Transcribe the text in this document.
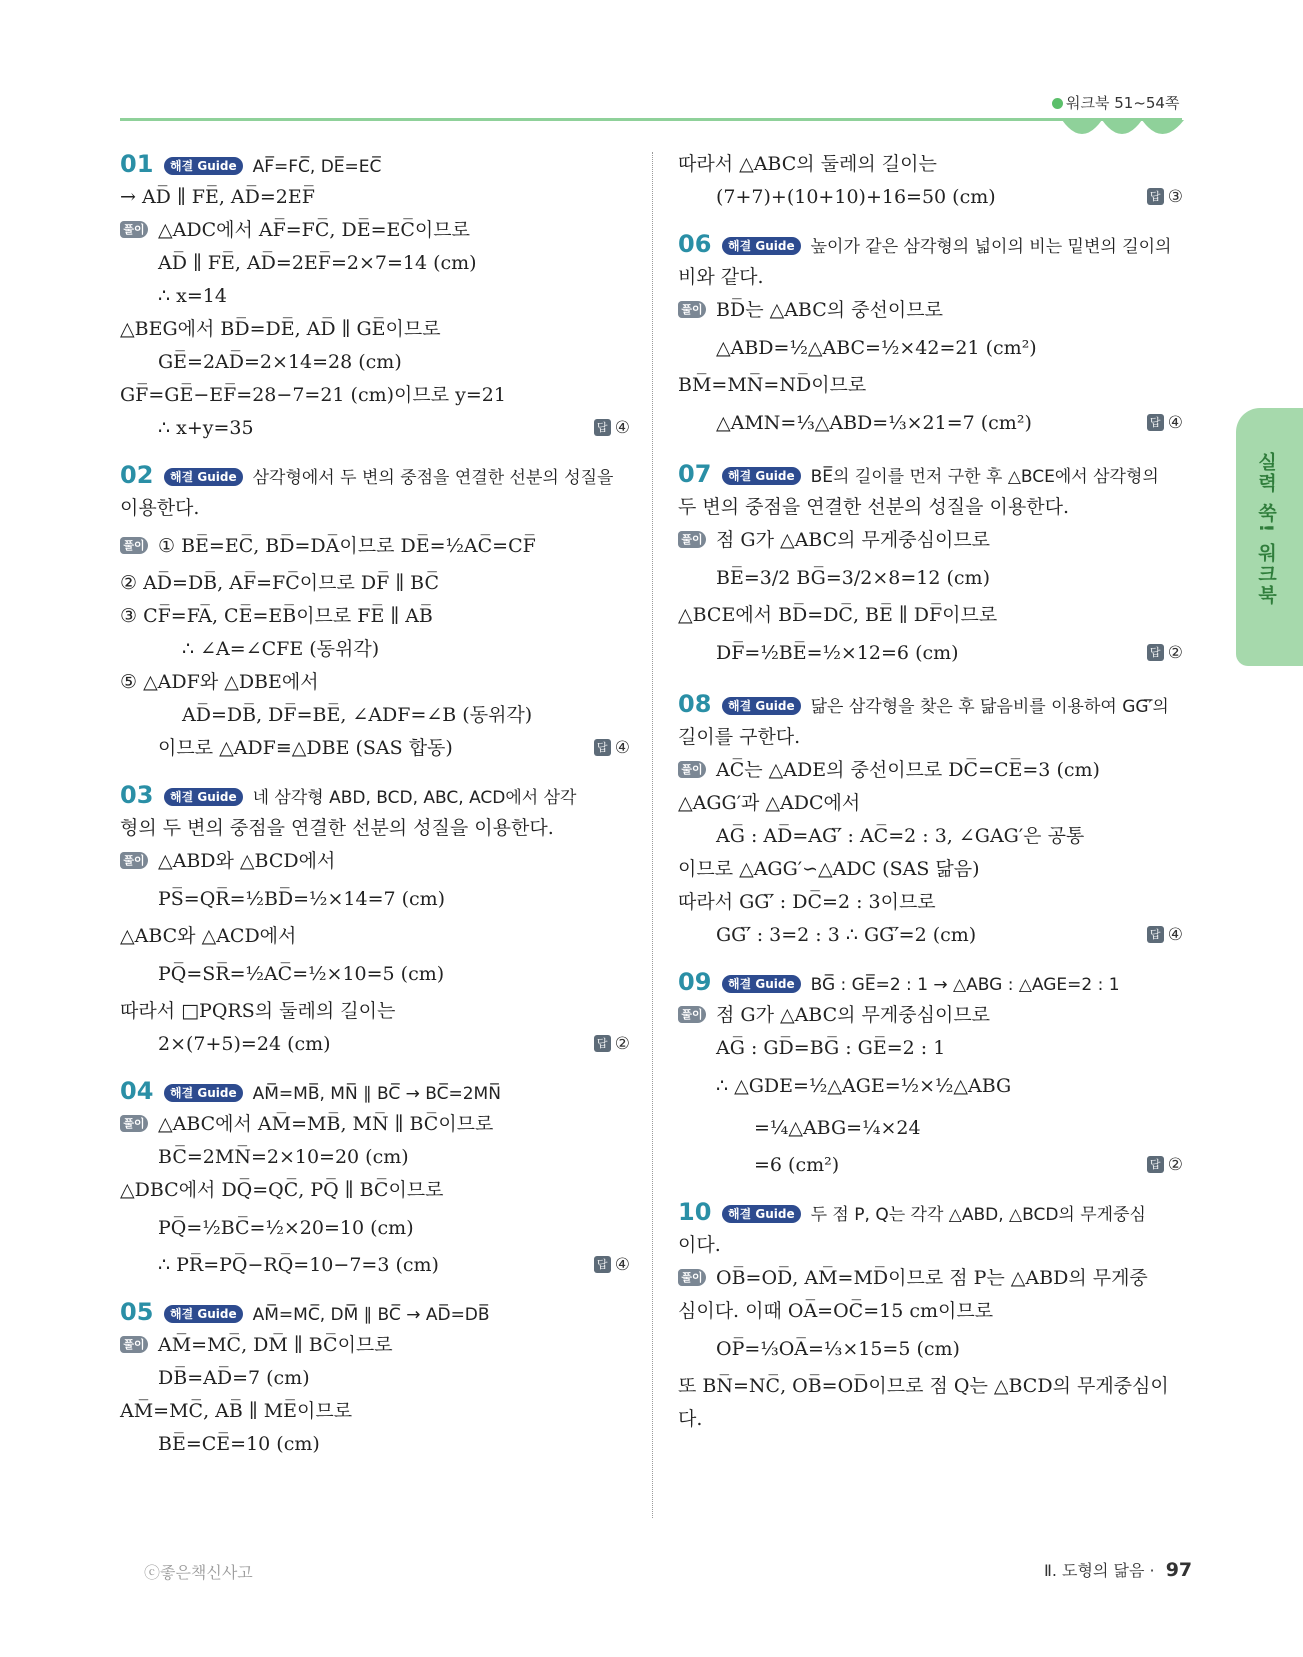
워크북 51~54쪽
실력 쑥! 워크북
01 해결 Guide AF̅=FC̅, DE̅=EC̅
→ AD̅ ∥ FE̅, AD̅=2EF̅
풀이 △ADC에서 AF̅=FC̅, DE̅=EC̅이므로
AD̅ ∥ FE̅, AD̅=2EF̅=2×7=14 (cm)
∴ x=14
△BEG에서 BD̅=DE̅, AD̅ ∥ GE̅이므로
GE̅=2AD̅=2×14=28 (cm)
GF̅=GE̅−EF̅=28−7=21 (cm)이므로 y=21
∴ x+y=35	답 ④
02 해결 Guide 삼각형에서 두 변의 중점을 연결한 선분의 성질을
이용한다.
풀이 ① BE̅=EC̅, BD̅=DA̅이므로 DE̅=½AC̅=CF̅
② AD̅=DB̅, AF̅=FC̅이므로 DF̅ ∥ BC̅
③ CF̅=FA̅, CE̅=EB̅이므로 FE̅ ∥ AB̅
∴ ∠A=∠CFE (동위각)
⑤ △ADF와 △DBE에서
AD̅=DB̅, DF̅=BE̅, ∠ADF=∠B (동위각)
이므로 △ADF≡△DBE (SAS 합동)	답 ④
03 해결 Guide 네 삼각형 ABD, BCD, ABC, ACD에서 삼각
형의 두 변의 중점을 연결한 선분의 성질을 이용한다.
풀이 △ABD와 △BCD에서
PS̅=QR̅=½BD̅=½×14=7 (cm)
△ABC와 △ACD에서
PQ̅=SR̅=½AC̅=½×10=5 (cm)
따라서 □PQRS의 둘레의 길이는
2×(7+5)=24 (cm)	답 ②
04 해결 Guide AM̅=MB̅, MN̅ ∥ BC̅ → BC̅=2MN̅
풀이 △ABC에서 AM̅=MB̅, MN̅ ∥ BC̅이므로
BC̅=2MN̅=2×10=20 (cm)
△DBC에서 DQ̅=QC̅, PQ̅ ∥ BC̅이므로
PQ̅=½BC̅=½×20=10 (cm)
∴ PR̅=PQ̅−RQ̅=10−7=3 (cm)	답 ④
05 해결 Guide AM̅=MC̅, DM̅ ∥ BC̅ → AD̅=DB̅
풀이 AM̅=MC̅, DM̅ ∥ BC̅이므로
DB̅=AD̅=7 (cm)
AM̅=MC̅, AB̅ ∥ ME̅이므로
BE̅=CE̅=10 (cm)
따라서 △ABC의 둘레의 길이는
(7+7)+(10+10)+16=50 (cm)	답 ③
06 해결 Guide 높이가 같은 삼각형의 넓이의 비는 밑변의 길이의
비와 같다.
풀이 BD̅는 △ABC의 중선이므로
△ABD=½△ABC=½×42=21 (cm²)
BM̅=MN̅=ND̅이므로
△AMN=⅓△ABD=⅓×21=7 (cm²)	답 ④
07 해결 Guide BE̅의 길이를 먼저 구한 후 △BCE에서 삼각형의
두 변의 중점을 연결한 선분의 성질을 이용한다.
풀이 점 G가 △ABC의 무게중심이므로
BE̅=3/2 BG̅=3/2×8=12 (cm)
△BCE에서 BD̅=DC̅, BE̅ ∥ DF̅이므로
DF̅=½BE̅=½×12=6 (cm)	답 ②
08 해결 Guide 닮은 삼각형을 찾은 후 닮음비를 이용하여 GG′̅의
길이를 구한다.
풀이 AC̅는 △ADE의 중선이므로 DC̅=CE̅=3 (cm)
△AGG′과 △ADC에서
AG̅ : AD̅=AG′̅ : AC̅=2 : 3, ∠GAG′은 공통
이므로 △AGG′∽△ADC (SAS 닮음)
따라서 GG′̅ : DC̅=2 : 3이므로
GG′̅ : 3=2 : 3 ∴ GG′̅=2 (cm)	답 ④
09 해결 Guide BG̅ : GE̅=2 : 1 → △ABG : △AGE=2 : 1
풀이 점 G가 △ABC의 무게중심이므로
AG̅ : GD̅=BG̅ : GE̅=2 : 1
∴ △GDE=½△AGE=½×½△ABG
=¼△ABG=¼×24
=6 (cm²)	답 ②
10 해결 Guide 두 점 P, Q는 각각 △ABD, △BCD의 무게중심
이다.
풀이 OB̅=OD̅, AM̅=MD̅이므로 점 P는 △ABD의 무게중
심이다. 이때 OA̅=OC̅=15 cm이므로
OP̅=⅓OA̅=⅓×15=5 (cm)
또 BN̅=NC̅, OB̅=OD̅이므로 점 Q는 △BCD의 무게중심이
다.
ⓒ좋은책신사고	Ⅱ. 도형의 닮음 · 97
